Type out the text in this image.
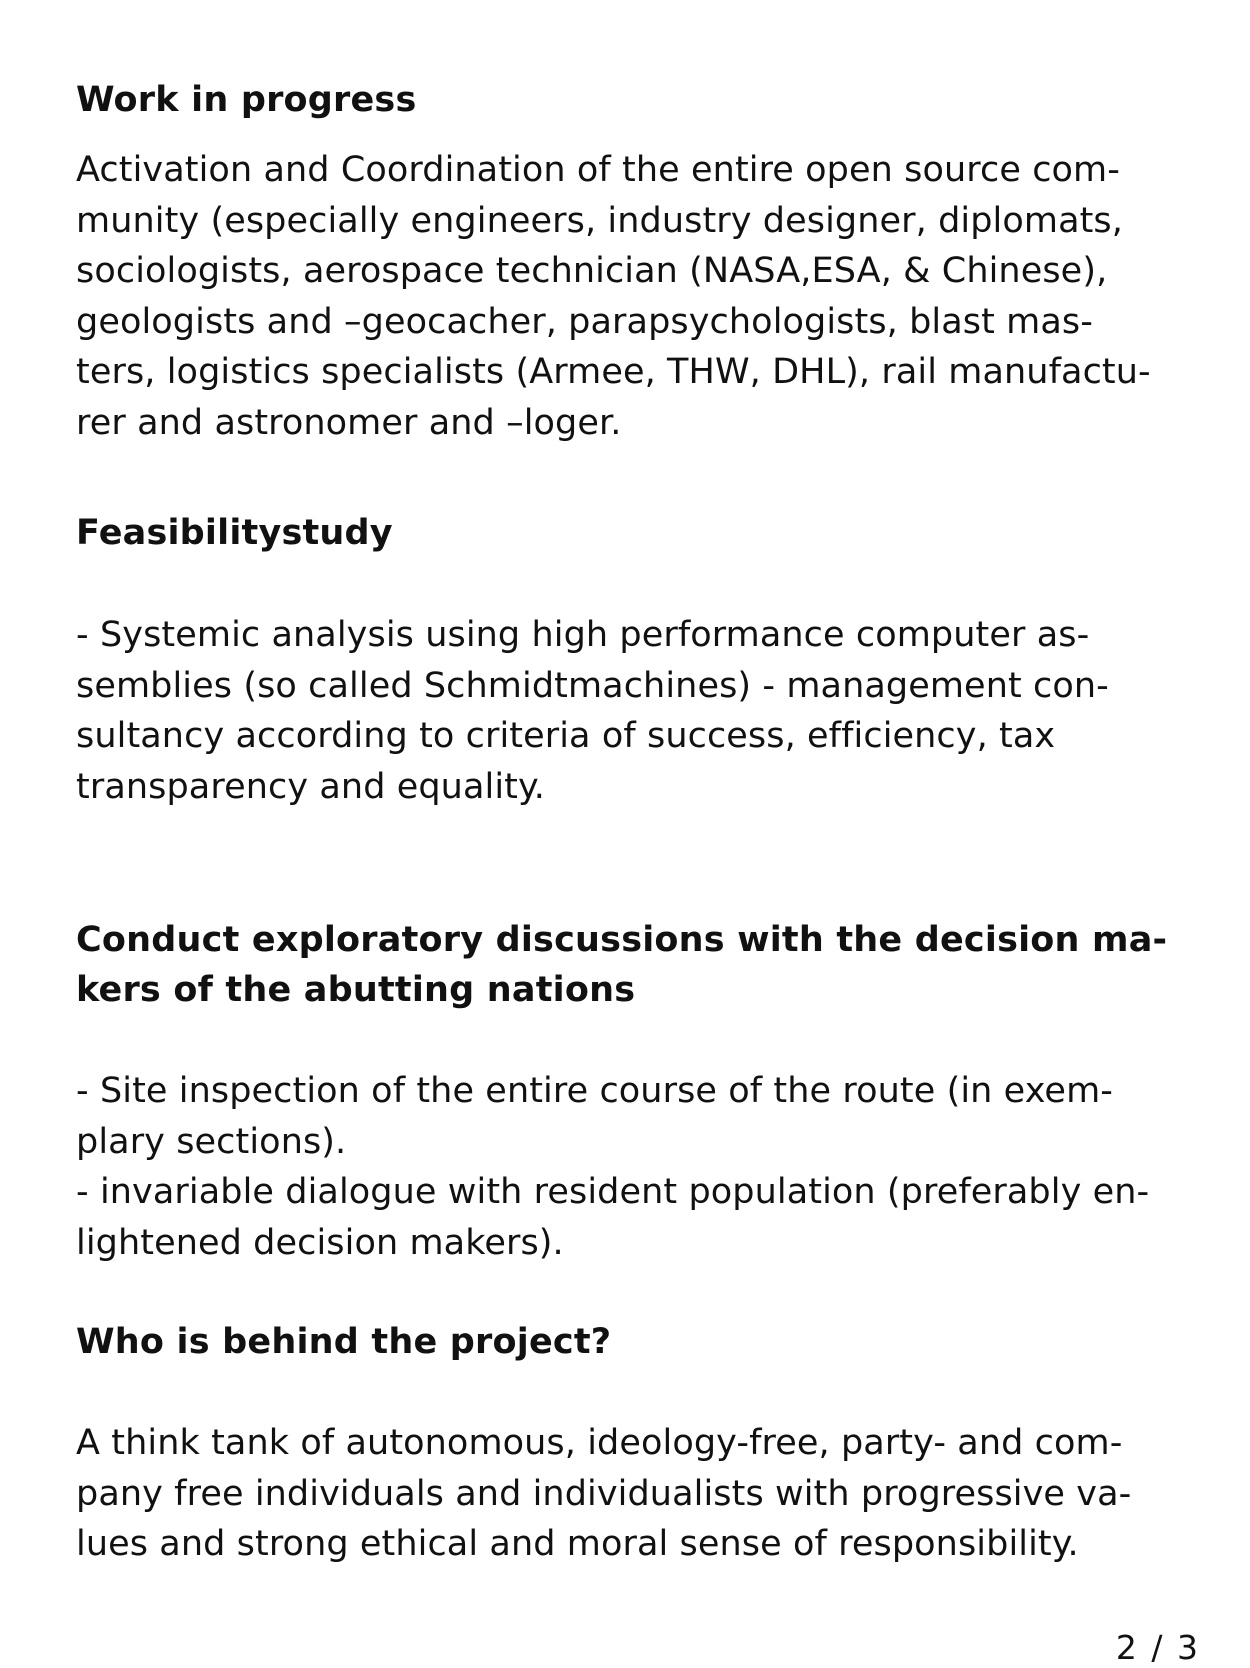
Work in progress

Activation and Coordination of the entire open source com-
munity (especially engineers, industry designer, diplomats,
sociologists, aerospace technician (NASA,ESA, & Chinese),
geologists and –geocacher, parapsychologists, blast mas-
ters, logistics specialists (Armee, THW, DHL), rail manufactu-
rer and astronomer and –loger.

Feasibilitystudy

- Systemic analysis using high performance computer as-
semblies (so called Schmidtmachines) - management con-
sultancy according to criteria of success, efficiency, tax
transparency and equality.

Conduct exploratory discussions with the decision ma-
kers of the abutting nations

- Site inspection of the entire course of the route (in exem-
plary sections).
- invariable dialogue with resident population (preferably en-
lightened decision makers).

Who is behind the project?

A think tank of autonomous, ideology-free, party- and com-
pany free individuals and individualists with progressive va-
lues and strong ethical and moral sense of responsibility.

2 / 3
